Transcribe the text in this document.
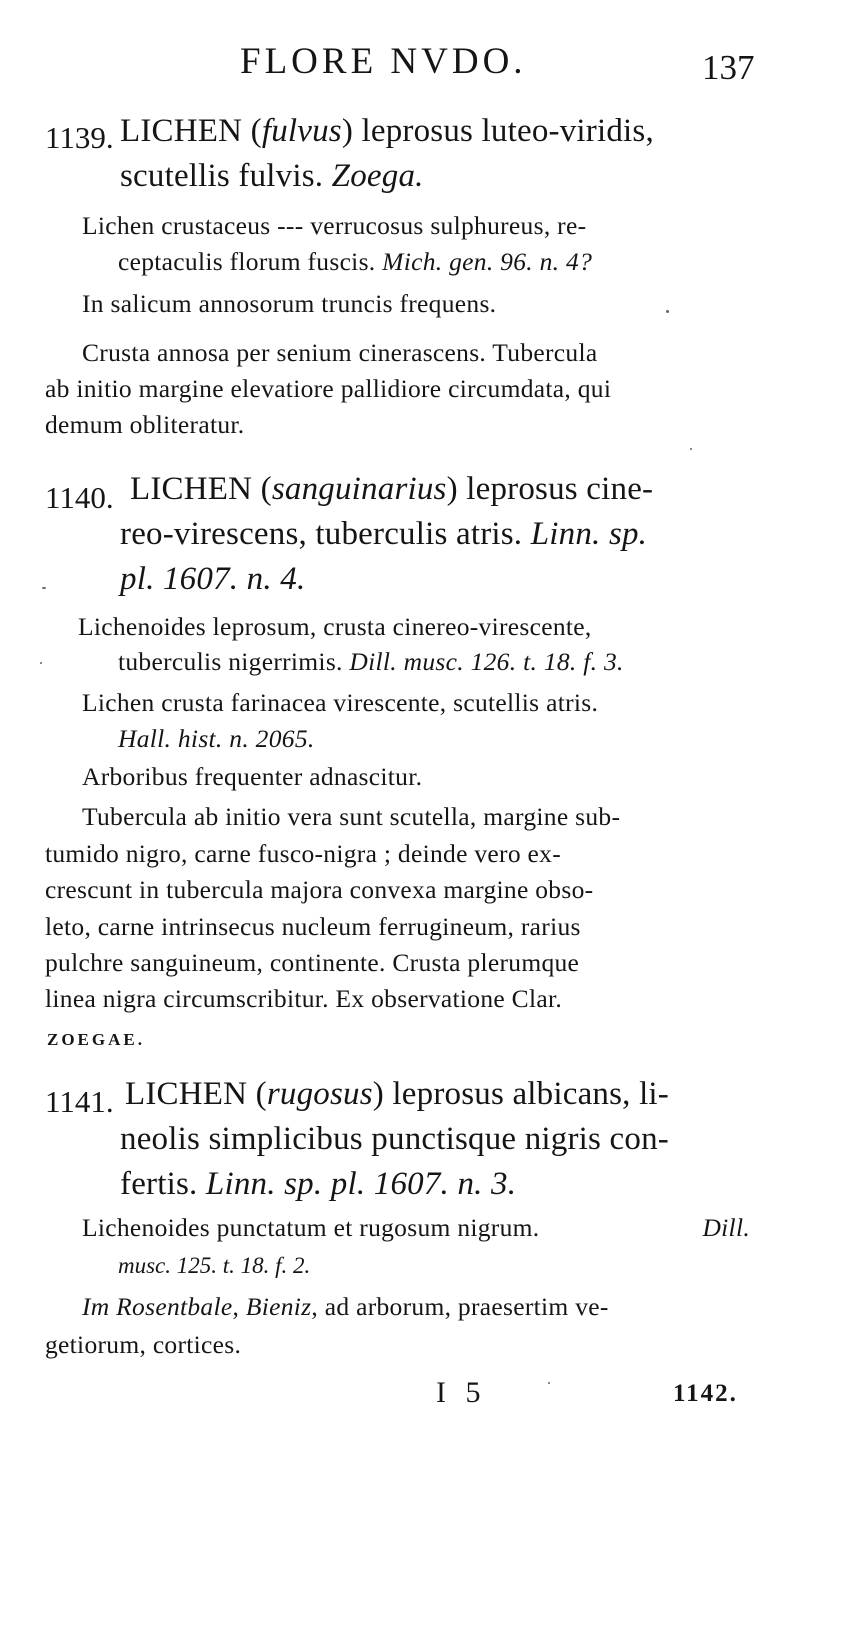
FLORE NVDO.	137
1139. LICHEN (fulvus) leprosus luteo-viridis,
scutellis fulvis. Zoega.
Lichen crustaceus --- verrucosus sulphureus, re-
ceptaculis florum fuscis. Mich. gen. 96. n. 4?
In salicum annosorum truncis frequens.
Crusta annosa per senium cinerascens. Tubercula
ab initio margine elevatiore pallidiore circumdata, qui
demum obliteratur.
1140. LICHEN (sanguinarius) leprosus cine-
reo-virescens, tuberculis atris. Linn. sp.
pl. 1607. n. 4.
Lichenoides leprosum, crusta cinereo-virescente,
tuberculis nigerrimis. Dill. musc. 126. t. 18. f. 3.
Lichen crusta farinacea virescente, scutellis atris.
Hall. hist. n. 2065.
Arboribus frequenter adnascitur.
Tubercula ab initio vera sunt scutella, margine sub-
tumido nigro, carne fusco-nigra ; deinde vero ex-
crescunt in tubercula majora convexa margine obso-
leto, carne intrinsecus nucleum ferrugineum, rarius
pulchre sanguineum, continente. Crusta plerumque
linea nigra circumscribitur. Ex observatione Clar.
ZOEGAE.
1141. LICHEN (rugosus) leprosus albicans, li-
neolis simplicibus punctisque nigris con-
fertis. Linn. sp. pl. 1607. n. 3.
Lichenoides punctatum et rugosum nigrum.	Dill.
musc. 125. t. 18. f. 2.
Im Rosentbale, Bieniz, ad arborum, praesertim ve-
getiorum, cortices.
I 5	1142.
